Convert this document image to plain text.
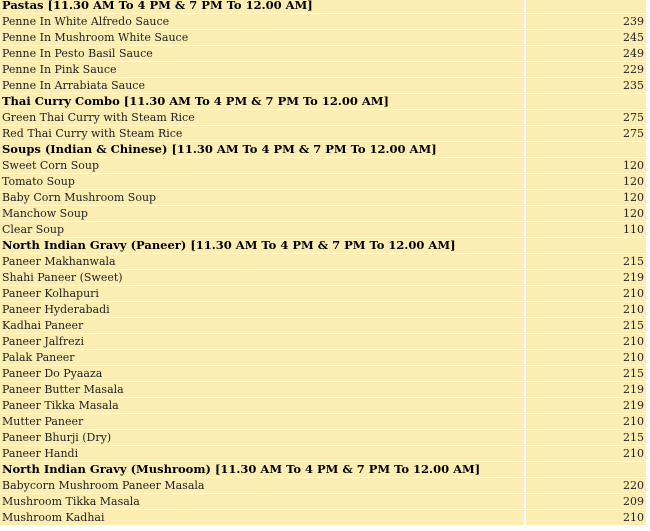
Pastas [11.30 AM To 4 PM & 7 PM To 12.00 AM]
Penne In White Alfredo Sauce	239
Penne In Mushroom White Sauce	245
Penne In Pesto Basil Sauce	249
Penne In Pink Sauce	229
Penne In Arrabiata Sauce	235
Thai Curry Combo [11.30 AM To 4 PM & 7 PM To 12.00 AM]
Green Thai Curry with Steam Rice	275
Red Thai Curry with Steam Rice	275
Soups (Indian & Chinese) [11.30 AM To 4 PM & 7 PM To 12.00 AM]
Sweet Corn Soup	120
Tomato Soup	120
Baby Corn Mushroom Soup	120
Manchow Soup	120
Clear Soup	110
North Indian Gravy (Paneer) [11.30 AM To 4 PM & 7 PM To 12.00 AM]
Paneer Makhanwala	215
Shahi Paneer (Sweet)	219
Paneer Kolhapuri	210
Paneer Hyderabadi	210
Kadhai Paneer	215
Paneer Jalfrezi	210
Palak Paneer	210
Paneer Do Pyaaza	215
Paneer Butter Masala	219
Paneer Tikka Masala	219
Mutter Paneer	210
Paneer Bhurji (Dry)	215
Paneer Handi	210
North Indian Gravy (Mushroom) [11.30 AM To 4 PM & 7 PM To 12.00 AM]
Babycorn Mushroom Paneer Masala	220
Mushroom Tikka Masala	209
Mushroom Kadhai	210
